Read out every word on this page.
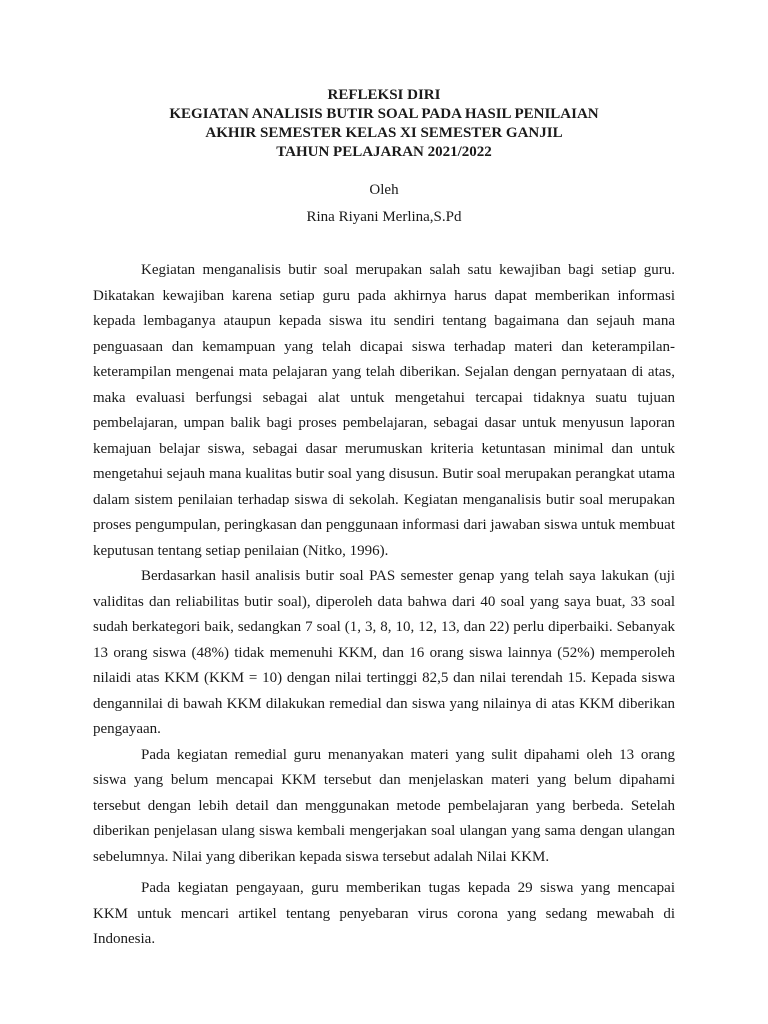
REFLEKSI DIRI
KEGIATAN ANALISIS BUTIR SOAL PADA HASIL PENILAIAN
AKHIR SEMESTER KELAS XI SEMESTER GANJIL
TAHUN PELAJARAN 2021/2022
Oleh
Rina Riyani Merlina,S.Pd

Kegiatan menganalisis butir soal merupakan salah satu kewajiban bagi setiap guru. Dikatakan kewajiban karena setiap guru pada akhirnya harus dapat memberikan informasi kepada lembaganya ataupun kepada siswa itu sendiri tentang bagaimana dan sejauh mana penguasaan dan kemampuan yang telah dicapai siswa terhadap materi dan keterampilan-keterampilan mengenai mata pelajaran yang telah diberikan. Sejalan dengan pernyataan di atas, maka evaluasi berfungsi sebagai alat untuk mengetahui tercapai tidaknya suatu tujuan pembelajaran, umpan balik bagi proses pembelajaran, sebagai dasar untuk menyusun laporan kemajuan belajar siswa, sebagai dasar merumuskan kriteria ketuntasan minimal dan untuk mengetahui sejauh mana kualitas butir soal yang disusun. Butir soal merupakan perangkat utama dalam sistem penilaian terhadap siswa di sekolah. Kegiatan menganalisis butir soal merupakan proses pengumpulan, peringkasan dan penggunaan informasi dari jawaban siswa untuk membuat keputusan tentang setiap penilaian (Nitko, 1996).

Berdasarkan hasil analisis butir soal PAS semester genap yang telah saya lakukan (uji validitas dan reliabilitas butir soal), diperoleh data bahwa dari 40 soal yang saya buat, 33 soal sudah berkategori baik, sedangkan 7 soal (1, 3, 8, 10, 12, 13, dan 22) perlu diperbaiki. Sebanyak 13 orang siswa (48%) tidak memenuhi KKM, dan 16 orang siswa lainnya (52%) memperoleh nilaidi atas KKM (KKM = 10) dengan nilai tertinggi 82,5 dan nilai terendah 15. Kepada siswa dengannilai di bawah KKM dilakukan remedial dan siswa yang nilainya di atas KKM diberikan pengayaan.

Pada kegiatan remedial guru menanyakan materi yang sulit dipahami oleh 13 orang siswa yang belum mencapai KKM tersebut dan menjelaskan materi yang belum dipahami tersebut dengan lebih detail dan menggunakan metode pembelajaran yang berbeda. Setelah diberikan penjelasan ulang siswa kembali mengerjakan soal ulangan yang sama dengan ulangan sebelumnya. Nilai yang diberikan kepada siswa tersebut adalah Nilai KKM.

Pada kegiatan pengayaan, guru memberikan tugas kepada 29 siswa yang mencapai KKM untuk mencari artikel tentang penyebaran virus corona yang sedang mewabah di Indonesia.
